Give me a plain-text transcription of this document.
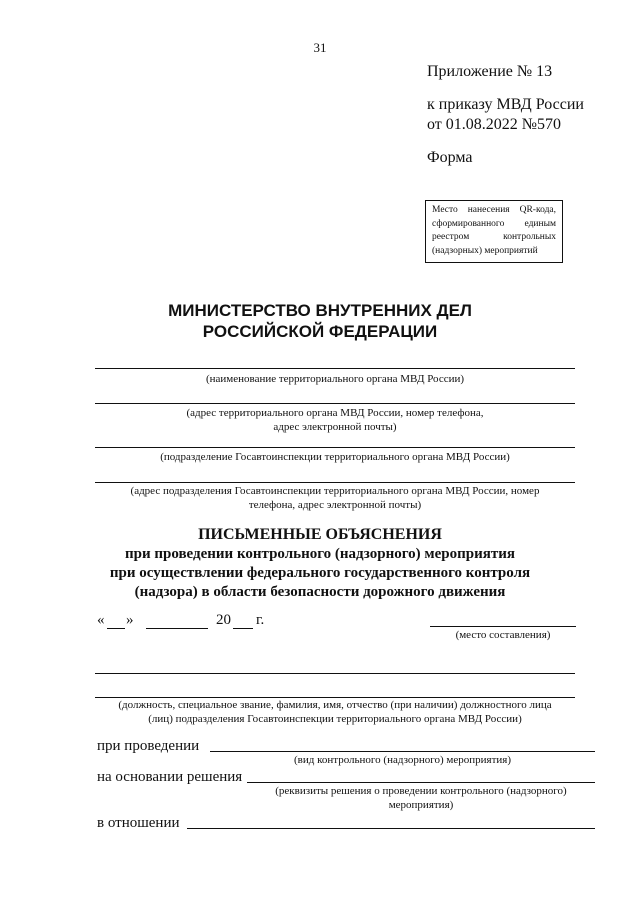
31
Приложение № 13
к приказу МВД России
от 01.08.2022 №570
Форма
Место нанесения QR-кода, сформированного единым реестром контрольных (надзорных) мероприятий
МИНИСТЕРСТВО ВНУТРЕННИХ ДЕЛ
РОССИЙСКОЙ ФЕДЕРАЦИИ
(наименование территориального органа МВД России)
(адрес территориального органа МВД России, номер телефона,
адрес электронной почты)
(подразделение Госавтоинспекции территориального органа МВД России)
(адрес подразделения Госавтоинспекции территориального органа МВД России, номер
телефона, адрес электронной почты)
ПИСЬМЕННЫЕ ОБЪЯСНЕНИЯ
при проведении контрольного (надзорного) мероприятия
при осуществлении федерального государственного контроля
(надзора) в области безопасности дорожного движения
« »	20 г.
(место составления)
(должность, специальное звание, фамилия, имя, отчество (при наличии) должностного лица
(лиц) подразделения Госавтоинспекции территориального органа МВД России)
при проведении
(вид контрольного (надзорного) мероприятия)
на основании решения
(реквизиты решения о проведении контрольного (надзорного)
мероприятия)
в отношении
